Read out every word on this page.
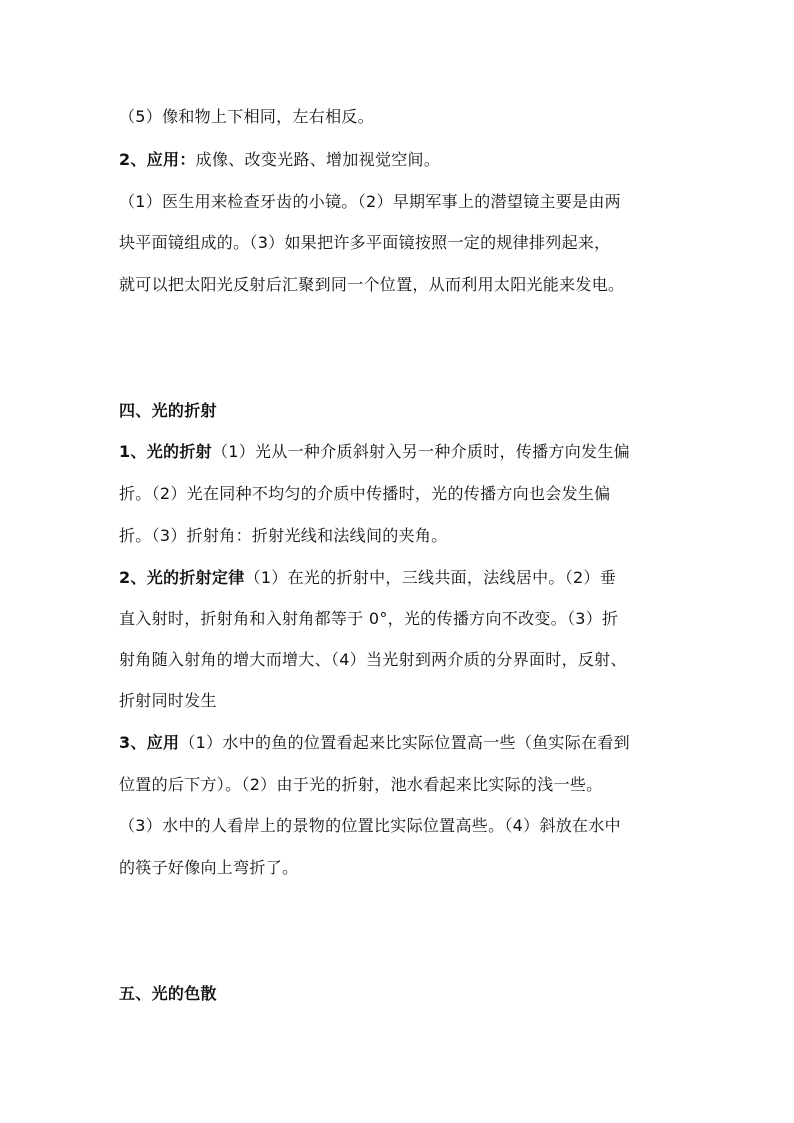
（5）像和物上下相同，左右相反。
2、应用：成像、改变光路、增加视觉空间。
（1）医生用来检查牙齿的小镜。（2）早期军事上的潜望镜主要是由两
块平面镜组成的。（3）如果把许多平面镜按照一定的规律排列起来，
就可以把太阳光反射后汇聚到同一个位置，从而利用太阳光能来发电。
四、光的折射
1、光的折射（1）光从一种介质斜射入另一种介质时，传播方向发生偏
折。（2）光在同种不均匀的介质中传播时，光的传播方向也会发生偏
折。（3）折射角：折射光线和法线间的夹角。
2、光的折射定律（1）在光的折射中，三线共面，法线居中。（2）垂
直入射时，折射角和入射角都等于 0°，光的传播方向不改变。（3）折
射角随入射角的增大而增大、（4）当光射到两介质的分界面时，反射、
折射同时发生
3、应用（1）水中的鱼的位置看起来比实际位置高一些（鱼实际在看到
位置的后下方）。（2）由于光的折射，池水看起来比实际的浅一些。
（3）水中的人看岸上的景物的位置比实际位置高些。（4）斜放在水中
的筷子好像向上弯折了。
五、光的色散
